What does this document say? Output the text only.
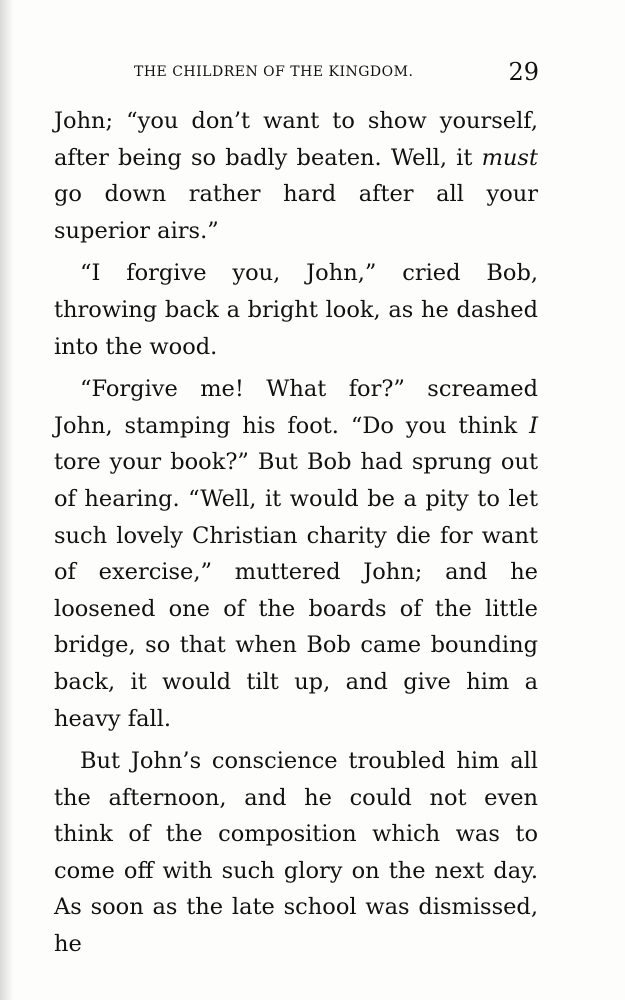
THE CHILDREN OF THE KINGDOM.	29

John; “you don’t want to show yourself, after being so badly beaten. Well, it must go down rather hard after all your superior airs.”

“I forgive you, John,” cried Bob, throwing back a bright look, as he dashed into the wood.

“Forgive me! What for?” screamed John, stamping his foot. “Do you think I tore your book?” But Bob had sprung out of hearing. “Well, it would be a pity to let such lovely Christian charity die for want of exercise,” muttered John; and he loosened one of the boards of the little bridge, so that when Bob came bounding back, it would tilt up, and give him a heavy fall.

But John’s conscience troubled him all the afternoon, and he could not even think of the composition which was to come off with such glory on the next day. As soon as the late school was dismissed, he
